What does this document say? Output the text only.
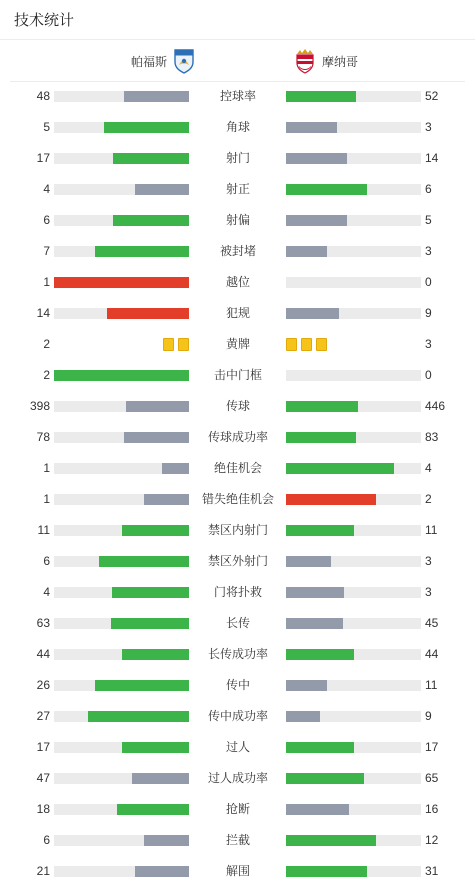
技术统计
帕福斯	摩纳哥
48	控球率	52
5	角球	3
17	射门	14
4	射正	6
6	射偏	5
7	被封堵	3
1	越位	0
14	犯规	9
2	黄牌	3
2	击中门框	0
398	传球	446
78	传球成功率	83
1	绝佳机会	4
1	错失绝佳机会	2
11	禁区内射门	11
6	禁区外射门	3
4	门将扑救	3
63	长传	45
44	长传成功率	44
26	传中	11
27	传中成功率	9
17	过人	17
47	过人成功率	65
18	抢断	16
6	拦截	12
21	解围	31
